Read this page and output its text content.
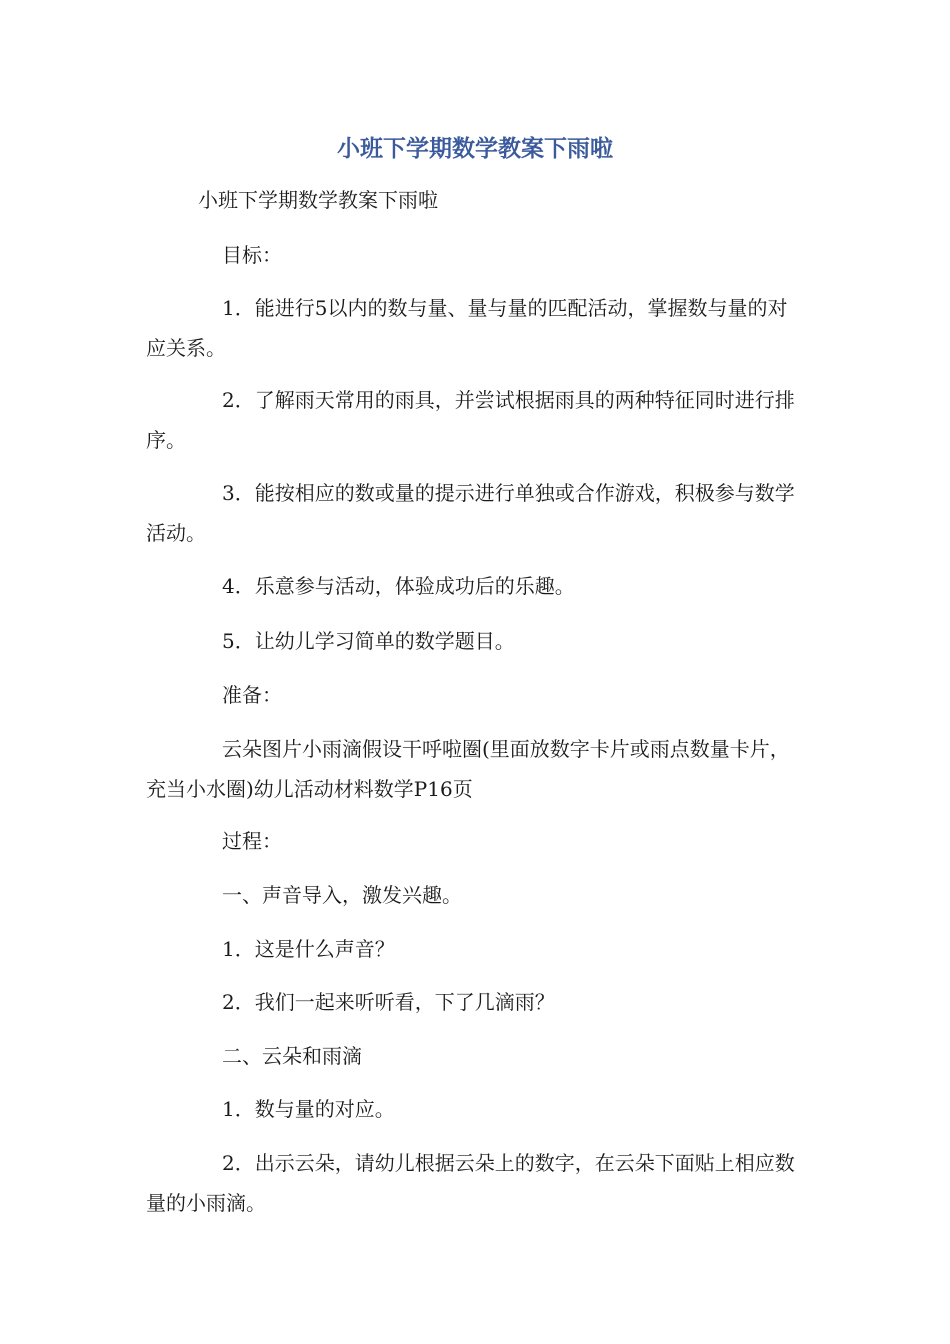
小班下学期数学教案下雨啦

小班下学期数学教案下雨啦

目标：

1．能进行5以内的数与量、量与量的匹配活动，掌握数与量的对应关系。

2．了解雨天常用的雨具，并尝试根据雨具的两种特征同时进行排序。

3．能按相应的数或量的提示进行单独或合作游戏，积极参与数学活动。

4．乐意参与活动，体验成功后的乐趣。

5．让幼儿学习简单的数学题目。

准备：

云朵图片小雨滴假设干呼啦圈(里面放数字卡片或雨点数量卡片，充当小水圈)幼儿活动材料数学P16页

过程：

一、声音导入，激发兴趣。

1．这是什么声音？

2．我们一起来听听看，下了几滴雨？

二、云朵和雨滴

1．数与量的对应。

2．出示云朵，请幼儿根据云朵上的数字，在云朵下面贴上相应数量的小雨滴。
